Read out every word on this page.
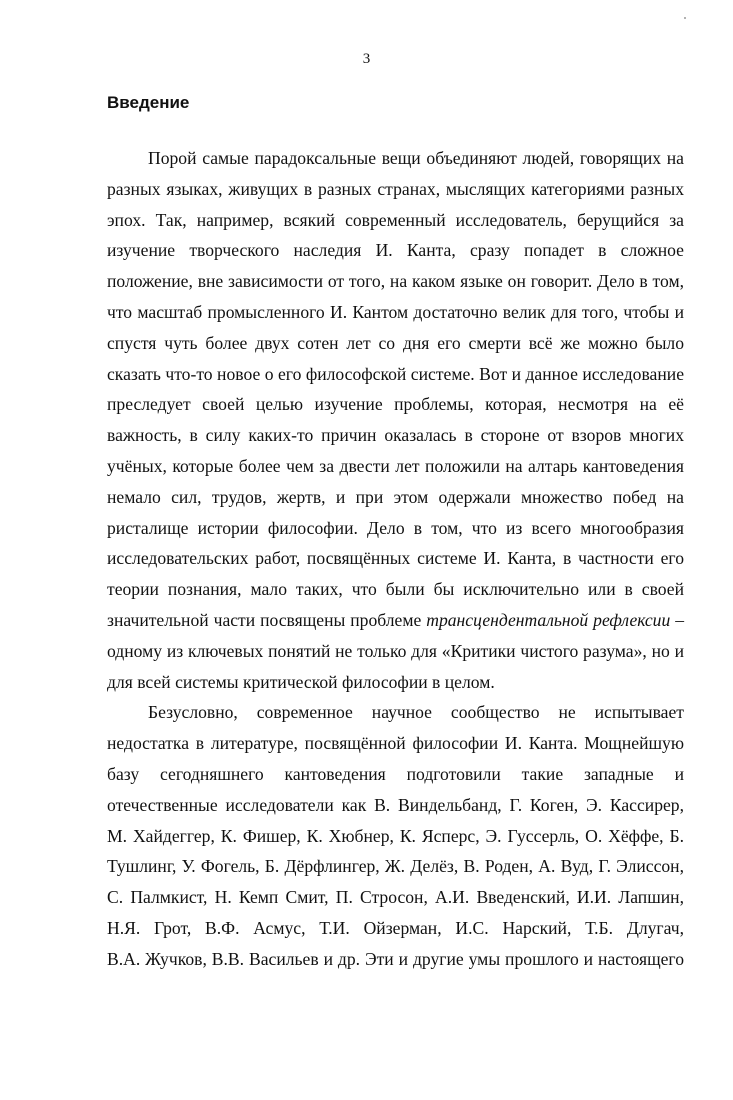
3
Введение
Порой самые парадоксальные вещи объединяют людей, говорящих на
разных языках, живущих в разных странах, мыслящих категориями разных
эпох. Так, например, всякий современный исследователь, берущийся за
изучение творческого наследия И. Канта, сразу попадет в сложное
положение, вне зависимости от того, на каком языке он говорит. Дело в том,
что масштаб промысленного И. Кантом достаточно велик для того, чтобы и
спустя чуть более двух сотен лет со дня его смерти всё же можно было
сказать что-то новое о его философской системе. Вот и данное исследование
преследует своей целью изучение проблемы, которая, несмотря на её
важность, в силу каких-то причин оказалась в стороне от взоров многих
учёных, которые более чем за двести лет положили на алтарь кантоведения
немало сил, трудов, жертв, и при этом одержали множество побед на
ристалище истории философии. Дело в том, что из всего многообразия
исследовательских работ, посвящённых системе И. Канта, в частности его
теории познания, мало таких, что были бы исключительно или в своей
значительной части посвящены проблеме трансцендентальной рефлексии –
одному из ключевых понятий не только для «Критики чистого разума», но и
для всей системы критической философии в целом.
Безусловно, современное научное сообщество не испытывает
недостатка в литературе, посвящённой философии И. Канта. Мощнейшую
базу сегодняшнего кантоведения подготовили такие западные и
отечественные исследователи как В. Виндельбанд, Г. Коген, Э. Кассирер,
М. Хайдеггер, К. Фишер, К. Хюбнер, К. Ясперс, Э. Гуссерль, О. Хёффе, Б.
Тушлинг, У. Фогель, Б. Дёрфлингер, Ж. Делёз, В. Роден, А. Вуд, Г. Элиссон,
С. Палмкист, Н. Кемп Смит, П. Стросон, А.И. Введенский, И.И. Лапшин,
Н.Я. Грот, В.Ф. Асмус, Т.И. Ойзерман, И.С. Нарский, Т.Б. Длугач,
В.А. Жучков, В.В. Васильев и др. Эти и другие умы прошлого и настоящего
